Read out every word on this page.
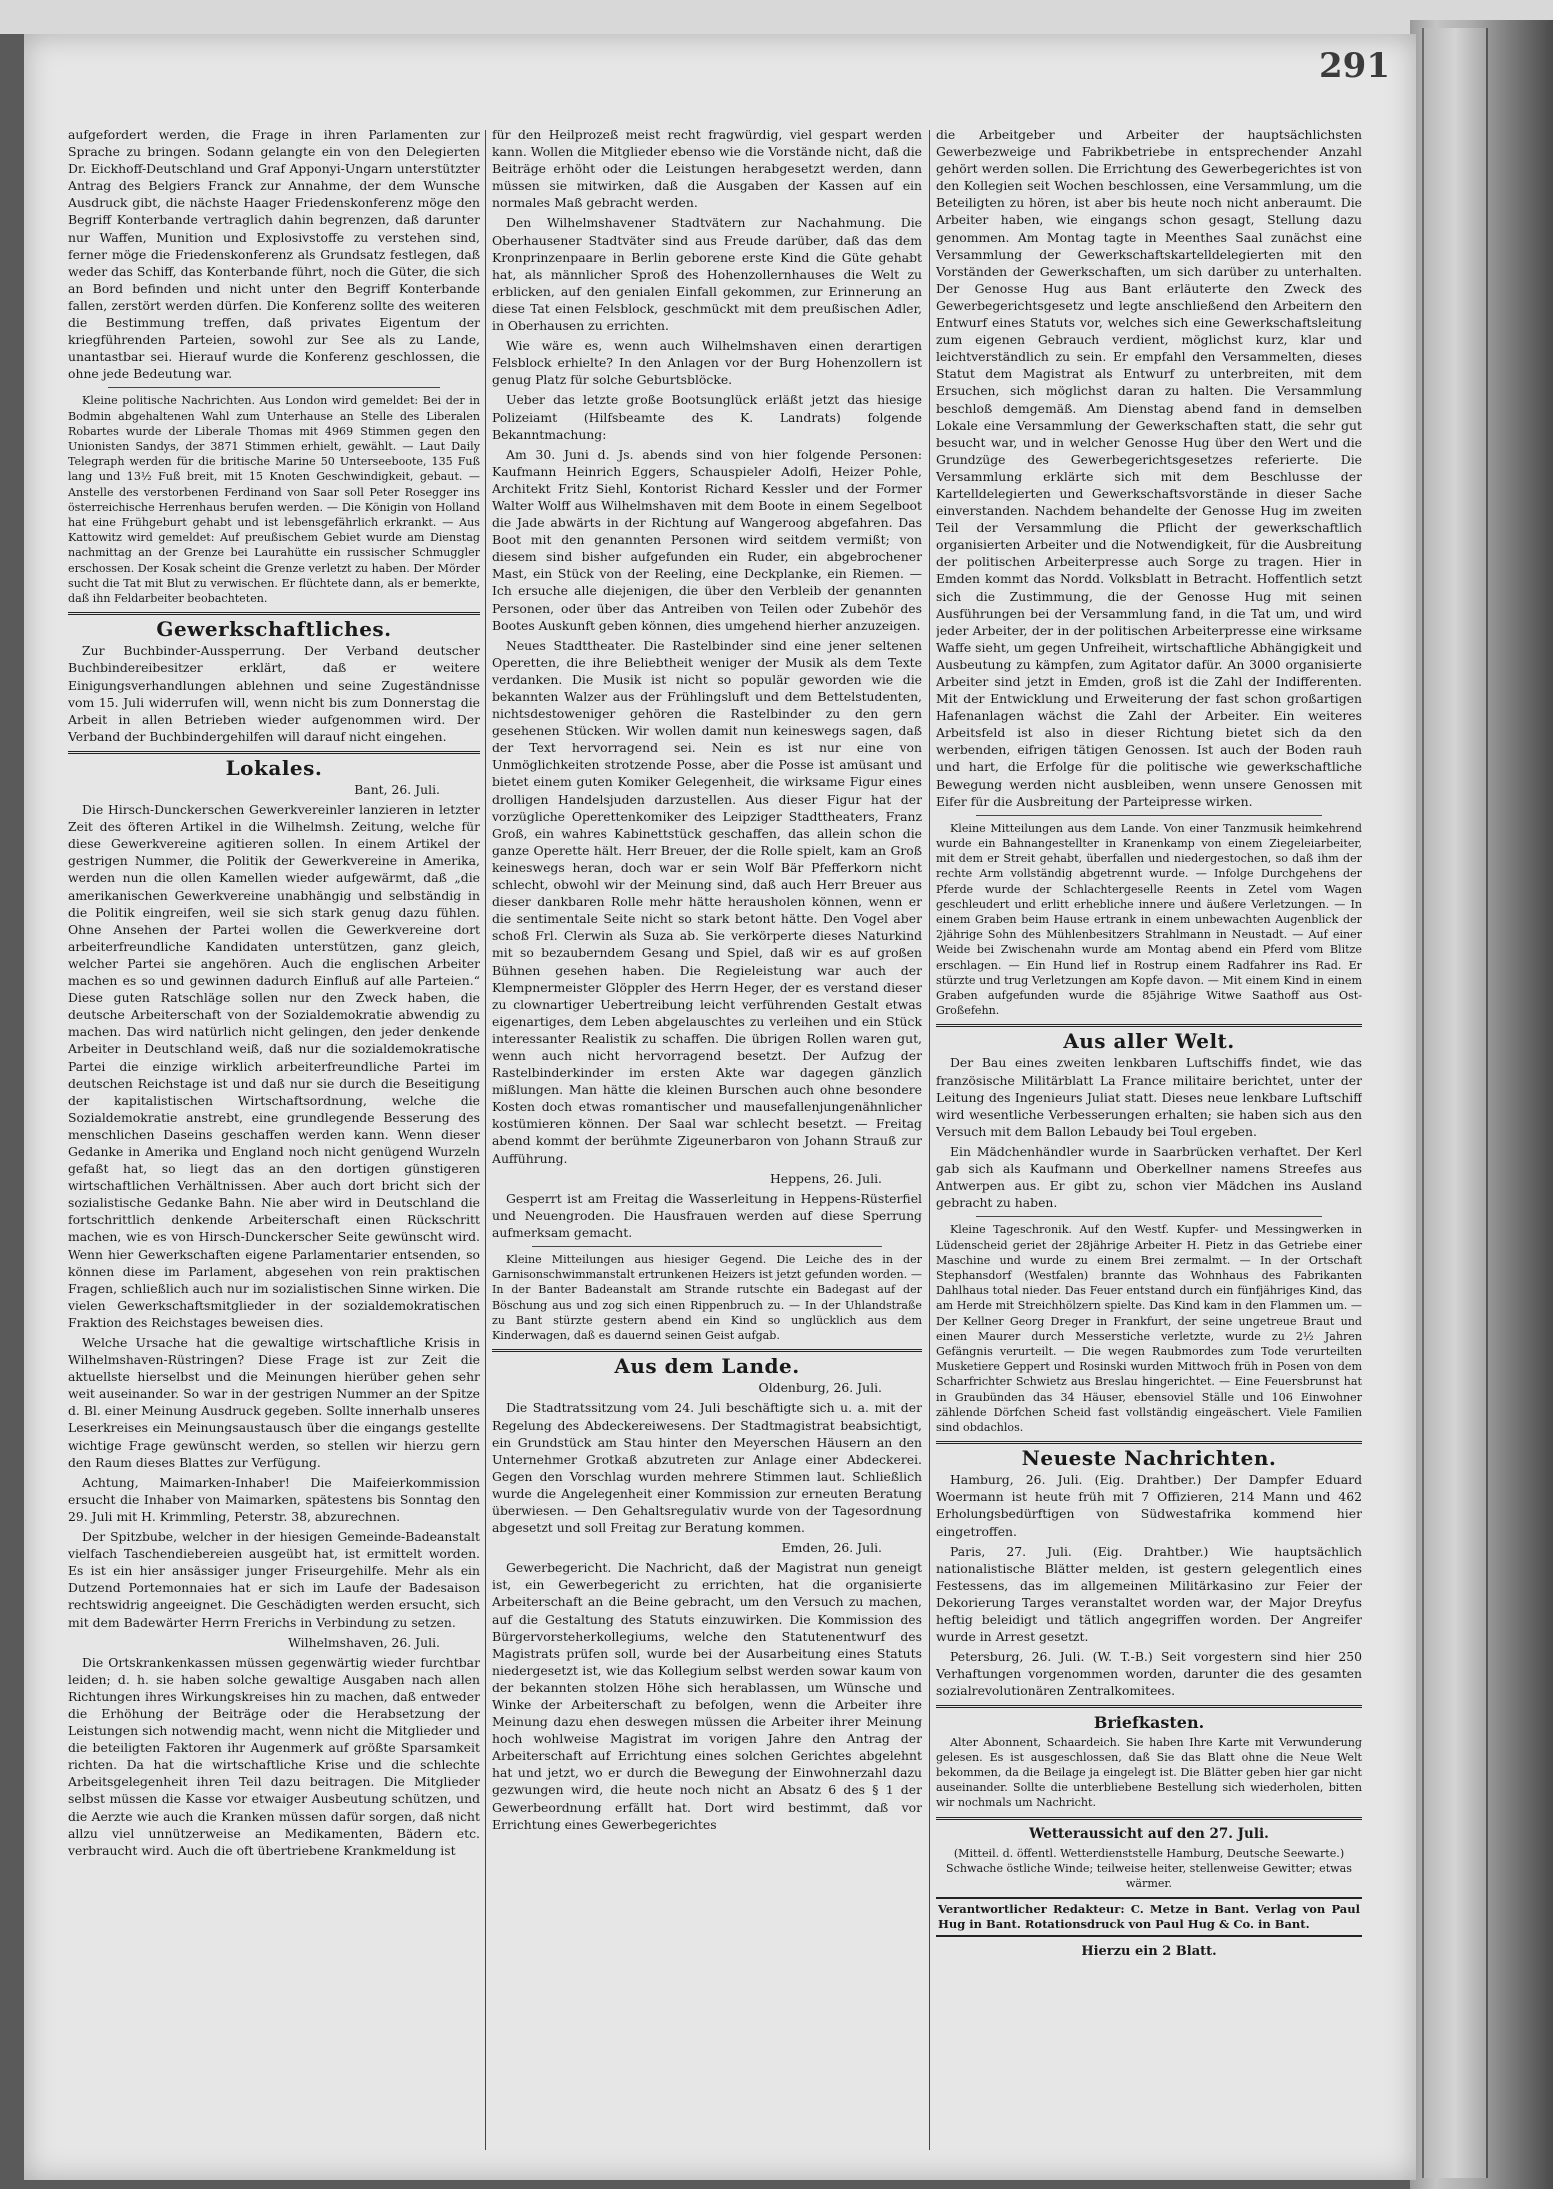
291

aufgefordert werden, die Frage in ihren Parlamenten zur Sprache zu bringen. Sodann gelangte ein von den Delegierten Dr. Eickhoff-Deutschland und Graf Apponyi-Ungarn unterstützter Antrag des Belgiers Franck zur Annahme, der dem Wunsche Ausdruck gibt, die nächste Haager Friedenskonferenz möge den Begriff Konterbande vertraglich dahin begrenzen, daß darunter nur Waffen, Munition und Explosivstoffe zu verstehen sind, ferner möge die Friedenskonferenz als Grundsatz festlegen, daß weder das Schiff, das Konterbande führt, noch die Güter, die sich an Bord befinden und nicht unter den Begriff Konterbande fallen, zerstört werden dürfen. Die Konferenz sollte des weiteren die Bestimmung treffen, daß privates Eigentum der kriegführenden Parteien, sowohl zur See als zu Lande, unantastbar sei. Hierauf wurde die Konferenz geschlossen, die ohne jede Bedeutung war.

Kleine politische Nachrichten. Aus London wird gemeldet: Bei der in Bodmin abgehaltenen Wahl zum Unterhause an Stelle des Liberalen Robartes wurde der Liberale Thomas mit 4969 Stimmen gegen den Unionisten Sandys, der 3871 Stimmen erhielt, gewählt. — Laut Daily Telegraph werden für die britische Marine 50 Unterseeboote, 135 Fuß lang und 13½ Fuß breit, mit 15 Knoten Geschwindigkeit, gebaut. — Anstelle des verstorbenen Ferdinand von Saar soll Peter Rosegger ins österreichische Herrenhaus berufen werden. — Die Königin von Holland hat eine Frühgeburt gehabt und ist lebensgefährlich erkrankt. — Aus Kattowitz wird gemeldet: Auf preußischem Gebiet wurde am Dienstag nachmittag an der Grenze bei Laurahütte ein russischer Schmuggler erschossen. Der Kosak scheint die Grenze verletzt zu haben. Der Mörder sucht die Tat mit Blut zu verwischen. Er flüchtete dann, als er bemerkte, daß ihn Feldarbeiter beobachteten.

Gewerkschaftliches.

Zur Buchbinder-Aussperrung. Der Verband deutscher Buchbindereibesitzer erklärt, daß er weitere Einigungsverhandlungen ablehnen und seine Zugeständnisse vom 15. Juli widerrufen will, wenn nicht bis zum Donnerstag die Arbeit in allen Betrieben wieder aufgenommen wird. Der Verband der Buchbindergehilfen will darauf nicht eingehen.

Lokales.

Bant, 26. Juli.

Die Hirsch-Dunckerschen Gewerkvereinler lanzieren in letzter Zeit des öfteren Artikel in die Wilhelmsh. Zeitung, welche für diese Gewerkvereine agitieren sollen. In einem Artikel der gestrigen Nummer, die Politik der Gewerkvereine in Amerika, werden nun die ollen Kamellen wieder aufgewärmt, daß „die amerikanischen Gewerkvereine unabhängig und selbständig in die Politik eingreifen, weil sie sich stark genug dazu fühlen. Ohne Ansehen der Partei wollen die Gewerkvereine dort arbeiterfreundliche Kandidaten unterstützen, ganz gleich, welcher Partei sie angehören. Auch die englischen Arbeiter machen es so und gewinnen dadurch Einfluß auf alle Parteien.“ Diese guten Ratschläge sollen nur den Zweck haben, die deutsche Arbeiterschaft von der Sozialdemokratie abwendig zu machen. Das wird natürlich nicht gelingen, den jeder denkende Arbeiter in Deutschland weiß, daß nur die sozialdemokratische Partei die einzige wirklich arbeiterfreundliche Partei im deutschen Reichstage ist und daß nur sie durch die Beseitigung der kapitalistischen Wirtschaftsordnung, welche die Sozialdemokratie anstrebt, eine grundlegende Besserung des menschlichen Daseins geschaffen werden kann. Wenn dieser Gedanke in Amerika und England noch nicht genügend Wurzeln gefaßt hat, so liegt das an den dortigen günstigeren wirtschaftlichen Verhältnissen. Aber auch dort bricht sich der sozialistische Gedanke Bahn. Nie aber wird in Deutschland die fortschrittlich denkende Arbeiterschaft einen Rückschritt machen, wie es von Hirsch-Dunckerscher Seite gewünscht wird. Wenn hier Gewerkschaften eigene Parlamentarier entsenden, so können diese im Parlament, abgesehen von rein praktischen Fragen, schließlich auch nur im sozialistischen Sinne wirken. Die vielen Gewerkschaftsmitglieder in der sozialdemokratischen Fraktion des Reichstages beweisen dies.

Welche Ursache hat die gewaltige wirtschaftliche Krisis in Wilhelmshaven-Rüstringen? Diese Frage ist zur Zeit die aktuellste hierselbst und die Meinungen hierüber gehen sehr weit auseinander. So war in der gestrigen Nummer an der Spitze d. Bl. einer Meinung Ausdruck gegeben. Sollte innerhalb unseres Leserkreises ein Meinungsaustausch über die eingangs gestellte wichtige Frage gewünscht werden, so stellen wir hierzu gern den Raum dieses Blattes zur Verfügung.

Achtung, Maimarken-Inhaber! Die Maifeierkommission ersucht die Inhaber von Maimarken, spätestens bis Sonntag den 29. Juli mit H. Krimmling, Peterstr. 38, abzurechnen.

Der Spitzbube, welcher in der hiesigen Gemeinde-Badeanstalt vielfach Taschendiebereien ausgeübt hat, ist ermittelt worden. Es ist ein hier ansässiger junger Friseurgehilfe. Mehr als ein Dutzend Portemonnaies hat er sich im Laufe der Badesaison rechtswidrig angeeignet. Die Geschädigten werden ersucht, sich mit dem Badewärter Herrn Frerichs in Verbindung zu setzen.

Wilhelmshaven, 26. Juli.

Die Ortskrankenkassen müssen gegenwärtig wieder furchtbar leiden; d. h. sie haben solche gewaltige Ausgaben nach allen Richtungen ihres Wirkungskreises hin zu machen, daß entweder die Erhöhung der Beiträge oder die Herabsetzung der Leistungen sich notwendig macht, wenn nicht die Mitglieder und die beteiligten Faktoren ihr Augenmerk auf größte Sparsamkeit richten. Da hat die wirtschaftliche Krise und die schlechte Arbeitsgelegenheit ihren Teil dazu beitragen. Die Mitglieder selbst müssen die Kasse vor etwaiger Ausbeutung schützen, und die Aerzte wie auch die Kranken müssen dafür sorgen, daß nicht allzu viel unnützerweise an Medikamenten, Bädern etc. verbraucht wird. Auch die oft übertriebene Krankmeldung ist

für den Heilprozeß meist recht fragwürdig, viel gespart werden kann. Wollen die Mitglieder ebenso wie die Vorstände nicht, daß die Beiträge erhöht oder die Leistungen herabgesetzt werden, dann müssen sie mitwirken, daß die Ausgaben der Kassen auf ein normales Maß gebracht werden.

Den Wilhelmshavener Stadtvätern zur Nachahmung. Die Oberhausener Stadtväter sind aus Freude darüber, daß das dem Kronprinzenpaare in Berlin geborene erste Kind die Güte gehabt hat, als männlicher Sproß des Hohenzollernhauses die Welt zu erblicken, auf den genialen Einfall gekommen, zur Erinnerung an diese Tat einen Felsblock, geschmückt mit dem preußischen Adler, in Oberhausen zu errichten.

Wie wäre es, wenn auch Wilhelmshaven einen derartigen Felsblock erhielte? In den Anlagen vor der Burg Hohenzollern ist genug Platz für solche Geburtsblöcke.

Ueber das letzte große Bootsunglück erläßt jetzt das hiesige Polizeiamt (Hilfsbeamte des K. Landrats) folgende Bekanntmachung:

Am 30. Juni d. Js. abends sind von hier folgende Personen: Kaufmann Heinrich Eggers, Schauspieler Adolfi, Heizer Pohle, Architekt Fritz Siehl, Kontorist Richard Kessler und der Former Walter Wolff aus Wilhelmshaven mit dem Boote in einem Segelboot die Jade abwärts in der Richtung auf Wangeroog abgefahren. Das Boot mit den genannten Personen wird seitdem vermißt; von diesem sind bisher aufgefunden ein Ruder, ein abgebrochener Mast, ein Stück von der Reeling, eine Deckplanke, ein Riemen. — Ich ersuche alle diejenigen, die über den Verbleib der genannten Personen, oder über das Antreiben von Teilen oder Zubehör des Bootes Auskunft geben können, dies umgehend hierher anzuzeigen.

Neues Stadttheater. Die Rastelbinder sind eine jener seltenen Operetten, die ihre Beliebtheit weniger der Musik als dem Texte verdanken. Die Musik ist nicht so populär geworden wie die bekannten Walzer aus der Frühlingsluft und dem Bettelstudenten, nichtsdestoweniger gehören die Rastelbinder zu den gern gesehenen Stücken. Wir wollen damit nun keineswegs sagen, daß der Text hervorragend sei. Nein es ist nur eine von Unmöglichkeiten strotzende Posse, aber die Posse ist amüsant und bietet einem guten Komiker Gelegenheit, die wirksame Figur eines drolligen Handelsjuden darzustellen. Aus dieser Figur hat der vorzügliche Operettenkomiker des Leipziger Stadttheaters, Franz Groß, ein wahres Kabinettstück geschaffen, das allein schon die ganze Operette hält. Herr Breuer, der die Rolle spielt, kam an Groß keineswegs heran, doch war er sein Wolf Bär Pfefferkorn nicht schlecht, obwohl wir der Meinung sind, daß auch Herr Breuer aus dieser dankbaren Rolle mehr hätte herausholen können, wenn er die sentimentale Seite nicht so stark betont hätte. Den Vogel aber schoß Frl. Clerwin als Suza ab. Sie verkörperte dieses Naturkind mit so bezauberndem Gesang und Spiel, daß wir es auf großen Bühnen gesehen haben. Die Regieleistung war auch der Klempnermeister Glöppler des Herrn Heger, der es verstand dieser zu clownartiger Uebertreibung leicht verführenden Gestalt etwas eigenartiges, dem Leben abgelauschtes zu verleihen und ein Stück interessanter Realistik zu schaffen. Die übrigen Rollen waren gut, wenn auch nicht hervorragend besetzt. Der Aufzug der Rastelbinderkinder im ersten Akte war dagegen gänzlich mißlungen. Man hätte die kleinen Burschen auch ohne besondere Kosten doch etwas romantischer und mausefallenjungenähnlicher kostümieren können. Der Saal war schlecht besetzt. — Freitag abend kommt der berühmte Zigeunerbaron von Johann Strauß zur Aufführung.

Heppens, 26. Juli.

Gesperrt ist am Freitag die Wasserleitung in Heppens-Rüsterfiel und Neuengroden. Die Hausfrauen werden auf diese Sperrung aufmerksam gemacht.

Kleine Mitteilungen aus hiesiger Gegend. Die Leiche des in der Garnisonschwimmanstalt ertrunkenen Heizers ist jetzt gefunden worden. — In der Banter Badeanstalt am Strande rutschte ein Badegast auf der Böschung aus und zog sich einen Rippenbruch zu. — In der Uhlandstraße zu Bant stürzte gestern abend ein Kind so unglücklich aus dem Kinderwagen, daß es dauernd seinen Geist aufgab.

Aus dem Lande.

Oldenburg, 26. Juli.

Die Stadtratssitzung vom 24. Juli beschäftigte sich u. a. mit der Regelung des Abdeckereiwesens. Der Stadtmagistrat beabsichtigt, ein Grundstück am Stau hinter den Meyerschen Häusern an den Unternehmer Grotkaß abzutreten zur Anlage einer Abdeckerei. Gegen den Vorschlag wurden mehrere Stimmen laut. Schließlich wurde die Angelegenheit einer Kommission zur erneuten Beratung überwiesen. — Den Gehaltsregulativ wurde von der Tagesordnung abgesetzt und soll Freitag zur Beratung kommen.

Emden, 26. Juli.

Gewerbegericht. Die Nachricht, daß der Magistrat nun geneigt ist, ein Gewerbegericht zu errichten, hat die organisierte Arbeiterschaft an die Beine gebracht, um den Versuch zu machen, auf die Gestaltung des Statuts einzuwirken. Die Kommission des Bürgervorsteherkollegiums, welche den Statutenentwurf des Magistrats prüfen soll, wurde bei der Ausarbeitung eines Statuts niedergesetzt ist, wie das Kollegium selbst werden sowar kaum von der bekannten stolzen Höhe sich herablassen, um Wünsche und Winke der Arbeiterschaft zu befolgen, wenn die Arbeiter ihre Meinung dazu ehen deswegen müssen die Arbeiter ihrer Meinung hoch wohlweise Magistrat im vorigen Jahre den Antrag der Arbeiterschaft auf Errichtung eines solchen Gerichtes abgelehnt hat und jetzt, wo er durch die Bewegung der Einwohnerzahl dazu gezwungen wird, die heute noch nicht an Absatz 6 des § 1 der Gewerbeordnung erfällt hat. Dort wird bestimmt, daß vor Errichtung eines Gewerbegerichtes

die Arbeitgeber und Arbeiter der hauptsächlichsten Gewerbezweige und Fabrikbetriebe in entsprechender Anzahl gehört werden sollen. Die Errichtung des Gewerbegerichtes ist von den Kollegien seit Wochen beschlossen, eine Versammlung, um die Beteiligten zu hören, ist aber bis heute noch nicht anberaumt. Die Arbeiter haben, wie eingangs schon gesagt, Stellung dazu genommen. Am Montag tagte in Meenthes Saal zunächst eine Versammlung der Gewerkschaftskartelldelegierten mit den Vorständen der Gewerkschaften, um sich darüber zu unterhalten. Der Genosse Hug aus Bant erläuterte den Zweck des Gewerbegerichtsgesetz und legte anschließend den Arbeitern den Entwurf eines Statuts vor, welches sich eine Gewerkschaftsleitung zum eigenen Gebrauch verdient, möglichst kurz, klar und leichtverständlich zu sein. Er empfahl den Versammelten, dieses Statut dem Magistrat als Entwurf zu unterbreiten, mit dem Ersuchen, sich möglichst daran zu halten. Die Versammlung beschloß demgemäß. Am Dienstag abend fand in demselben Lokale eine Versammlung der Gewerkschaften statt, die sehr gut besucht war, und in welcher Genosse Hug über den Wert und die Grundzüge des Gewerbegerichtsgesetzes referierte. Die Versammlung erklärte sich mit dem Beschlusse der Kartelldelegierten und Gewerkschaftsvorstände in dieser Sache einverstanden. Nachdem behandelte der Genosse Hug im zweiten Teil der Versammlung die Pflicht der gewerkschaftlich organisierten Arbeiter und die Notwendigkeit, für die Ausbreitung der politischen Arbeiterpresse auch Sorge zu tragen. Hier in Emden kommt das Nordd. Volksblatt in Betracht. Hoffentlich setzt sich die Zustimmung, die der Genosse Hug mit seinen Ausführungen bei der Versammlung fand, in die Tat um, und wird jeder Arbeiter, der in der politischen Arbeiterpresse eine wirksame Waffe sieht, um gegen Unfreiheit, wirtschaftliche Abhängigkeit und Ausbeutung zu kämpfen, zum Agitator dafür. An 3000 organisierte Arbeiter sind jetzt in Emden, groß ist die Zahl der Indifferenten. Mit der Entwicklung und Erweiterung der fast schon großartigen Hafenanlagen wächst die Zahl der Arbeiter. Ein weiteres Arbeitsfeld ist also in dieser Richtung bietet sich da den werbenden, eifrigen tätigen Genossen. Ist auch der Boden rauh und hart, die Erfolge für die politische wie gewerkschaftliche Bewegung werden nicht ausbleiben, wenn unsere Genossen mit Eifer für die Ausbreitung der Parteipresse wirken.

Kleine Mitteilungen aus dem Lande. Von einer Tanzmusik heimkehrend wurde ein Bahnangestellter in Kranenkamp von einem Ziegeleiarbeiter, mit dem er Streit gehabt, überfallen und niedergestochen, so daß ihm der rechte Arm vollständig abgetrennt wurde. — Infolge Durchgehens der Pferde wurde der Schlachtergeselle Reents in Zetel vom Wagen geschleudert und erlitt erhebliche innere und äußere Verletzungen. — In einem Graben beim Hause ertrank in einem unbewachten Augenblick der 2jährige Sohn des Mühlenbesitzers Strahlmann in Neustadt. — Auf einer Weide bei Zwischenahn wurde am Montag abend ein Pferd vom Blitze erschlagen. — Ein Hund lief in Rostrup einem Radfahrer ins Rad. Er stürzte und trug Verletzungen am Kopfe davon. — Mit einem Kind in einem Graben aufgefunden wurde die 85jährige Witwe Saathoff aus Ost-Großefehn.

Aus aller Welt.

Der Bau eines zweiten lenkbaren Luftschiffs findet, wie das französische Militärblatt La France militaire berichtet, unter der Leitung des Ingenieurs Juliat statt. Dieses neue lenkbare Luftschiff wird wesentliche Verbesserungen erhalten; sie haben sich aus den Versuch mit dem Ballon Lebaudy bei Toul ergeben.

Ein Mädchenhändler wurde in Saarbrücken verhaftet. Der Kerl gab sich als Kaufmann und Oberkellner namens Streefes aus Antwerpen aus. Er gibt zu, schon vier Mädchen ins Ausland gebracht zu haben.

Kleine Tageschronik. Auf den Westf. Kupfer- und Messingwerken in Lüdenscheid geriet der 28jährige Arbeiter H. Pietz in das Getriebe einer Maschine und wurde zu einem Brei zermalmt. — In der Ortschaft Stephansdorf (Westfalen) brannte das Wohnhaus des Fabrikanten Dahlhaus total nieder. Das Feuer entstand durch ein fünfjähriges Kind, das am Herde mit Streichhölzern spielte. Das Kind kam in den Flammen um. — Der Kellner Georg Dreger in Frankfurt, der seine ungetreue Braut und einen Maurer durch Messerstiche verletzte, wurde zu 2½ Jahren Gefängnis verurteilt. — Die wegen Raubmordes zum Tode verurteilten Musketiere Geppert und Rosinski wurden Mittwoch früh in Posen von dem Scharfrichter Schwietz aus Breslau hingerichtet. — Eine Feuersbrunst hat in Graubünden das 34 Häuser, ebensoviel Ställe und 106 Einwohner zählende Dörfchen Scheid fast vollständig eingeäschert. Viele Familien sind obdachlos.

Neueste Nachrichten.

Hamburg, 26. Juli. (Eig. Drahtber.) Der Dampfer Eduard Woermann ist heute früh mit 7 Offizieren, 214 Mann und 462 Erholungsbedürftigen von Südwestafrika kommend hier eingetroffen.

Paris, 27. Juli. (Eig. Drahtber.) Wie hauptsächlich nationalistische Blätter melden, ist gestern gelegentlich eines Festessens, das im allgemeinen Militärkasino zur Feier der Dekorierung Targes veranstaltet worden war, der Major Dreyfus heftig beleidigt und tätlich angegriffen worden. Der Angreifer wurde in Arrest gesetzt.

Petersburg, 26. Juli. (W. T.-B.) Seit vorgestern sind hier 250 Verhaftungen vorgenommen worden, darunter die des gesamten sozialrevolutionären Zentralkomitees.

Briefkasten.

Alter Abonnent, Schaardeich. Sie haben Ihre Karte mit Verwunderung gelesen. Es ist ausgeschlossen, daß Sie das Blatt ohne die Neue Welt bekommen, da die Beilage ja eingelegt ist. Die Blätter geben hier gar nicht auseinander. Sollte die unterbliebene Bestellung sich wiederholen, bitten wir nochmals um Nachricht.

Wetteraussicht auf den 27. Juli.

(Mitteil. d. öffentl. Wetterdienststelle Hamburg, Deutsche Seewarte.) Schwache östliche Winde; teilweise heiter, stellenweise Gewitter; etwas wärmer.

Verantwortlicher Redakteur: C. Metze in Bant. Verlag von Paul Hug in Bant. Rotationsdruck von Paul Hug & Co. in Bant.
Hierzu ein 2 Blatt.
